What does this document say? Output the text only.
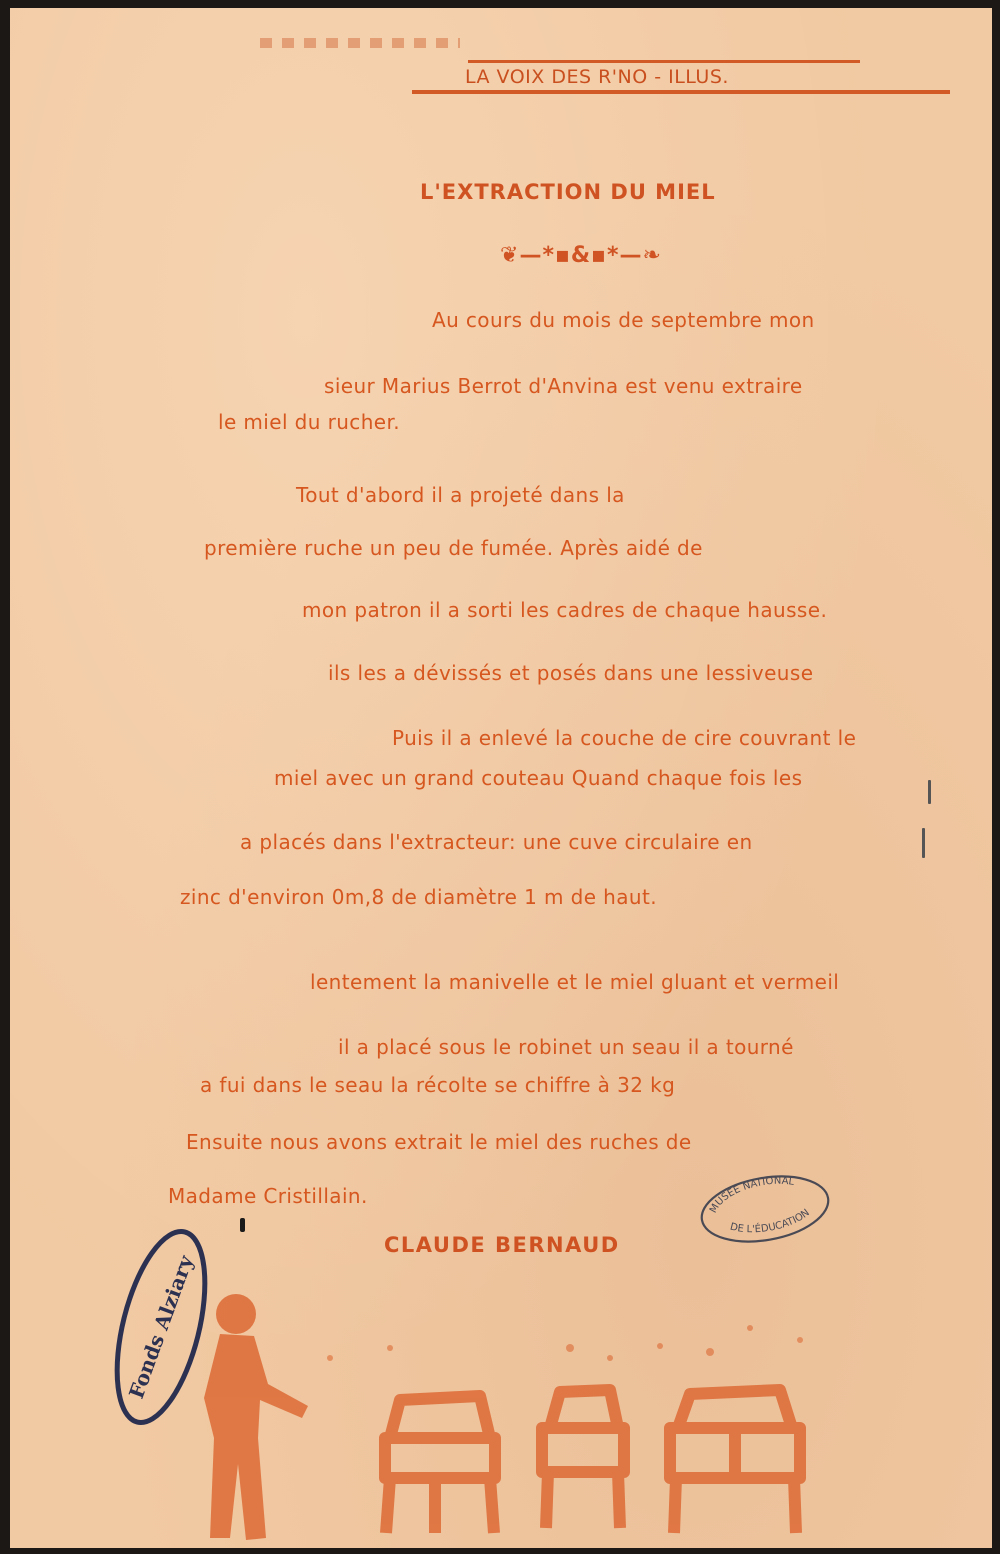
LA VOIX DES R'NO - ILLUS.
L'EXTRACTION DU MIEL
❦—*▪&▪*—❧
Au cours du mois de septembre mon
sieur Marius Berrot d'Anvina est venu extraire
le miel du rucher.
Tout d'abord il a projeté dans la
première ruche un peu de fumée. Après aidé de
mon patron il a sorti les cadres de chaque hausse.
ils les a dévissés et posés dans une lessiveuse
Puis il a enlevé la couche de cire couvrant le
miel avec un grand couteau Quand chaque fois les
a placés dans l'extracteur: une cuve circulaire en
zinc d'environ 0m,8 de diamètre 1 m de haut.
lentement la manivelle et le miel gluant et vermeil
il a placé sous le robinet un seau il a tourné
a fui dans le seau la récolte se chiffre à 32 kg
Ensuite nous avons extrait le miel des ruches de
Madame Cristillain.
CLAUDE BERNAUD
MUSÉE NATIONAL
DE L'ÉDUCATION
Fonds Alziary
